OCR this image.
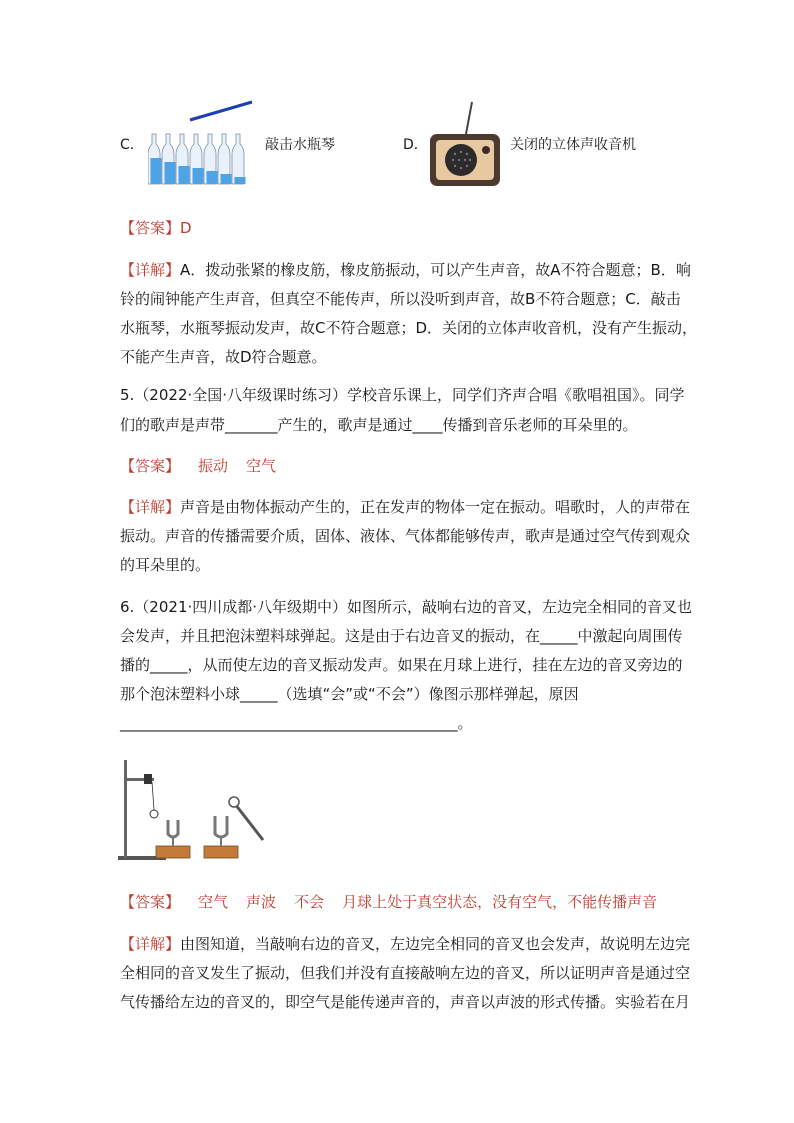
C．	敲击水瓶琴	D．	关闭的立体声收音机
【答案】D
【详解】A．拨动张紧的橡皮筋，橡皮筋振动，可以产生声音，故A不符合题意；B．响
铃的闹钟能产生声音，但真空不能传声，所以没听到声音，故B不符合题意；C．敲击
水瓶琴，水瓶琴振动发声，故C不符合题意；D．关闭的立体声收音机，没有产生振动，
不能产生声音，故D符合题意。
5.（2022·全国·八年级课时练习）学校音乐课上，同学们齐声合唱《歌唱祖国》。同学
们的歌声是声带_______产生的，歌声是通过____传播到音乐老师的耳朵里的。
【答案】 振动 空气
【详解】声音是由物体振动产生的，正在发声的物体一定在振动。唱歌时，人的声带在
振动。声音的传播需要介质，固体、液体、气体都能够传声，歌声是通过空气传到观众
的耳朵里的。
6.（2021·四川成都·八年级期中）如图所示，敲响右边的音叉，左边完全相同的音叉也
会发声，并且把泡沫塑料球弹起。这是由于右边音叉的振动，在_____中激起向周围传
播的_____，从而使左边的音叉振动发声。如果在月球上进行，挂在左边的音叉旁边的
那个泡沫塑料小球_____（选填“会”或“不会”）像图示那样弹起，原因
_____________________________________________。
【答案】 空气 声波 不会 月球上处于真空状态，没有空气，不能传播声音
【详解】由图知道，当敲响右边的音叉，左边完全相同的音叉也会发声，故说明左边完
全相同的音叉发生了振动，但我们并没有直接敲响左边的音叉，所以证明声音是通过空
气传播给左边的音叉的，即空气是能传递声音的，声音以声波的形式传播。实验若在月
